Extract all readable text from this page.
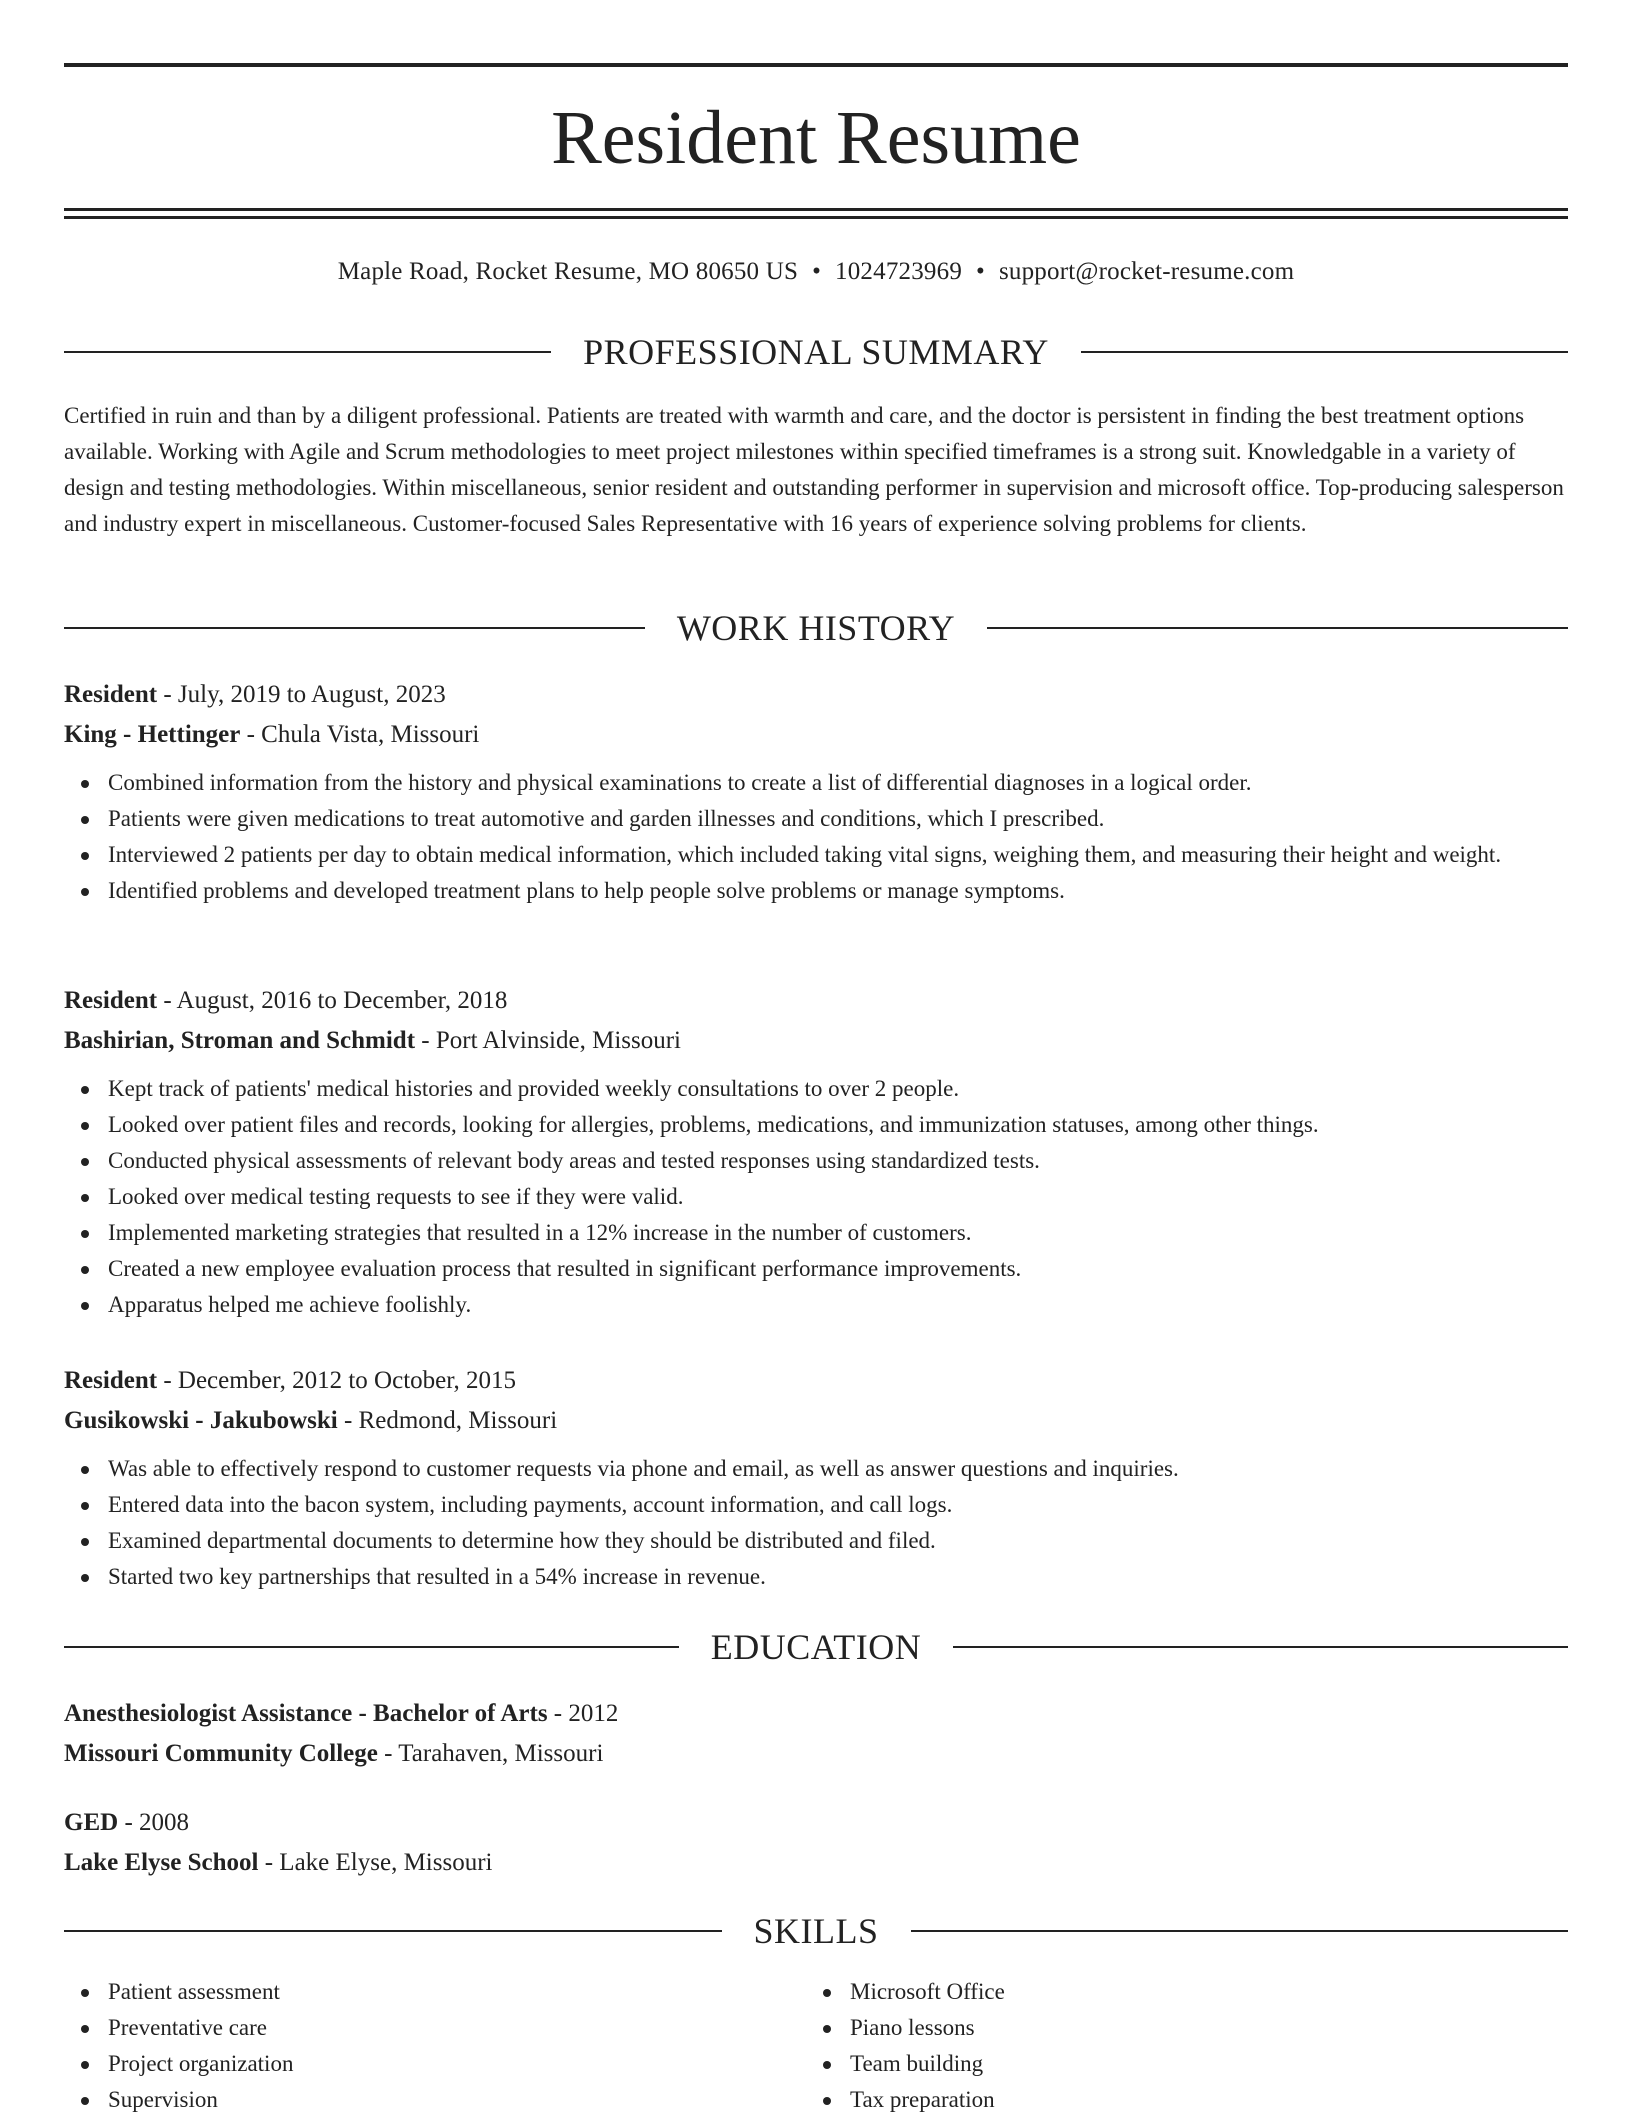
Resident Resume
Maple Road, Rocket Resume, MO 80650 US • 1024723969 • support@rocket-resume.com
PROFESSIONAL SUMMARY

Certified in ruin and than by a diligent professional. Patients are treated with warmth and care, and the doctor is persistent in finding the best treatment options available. Working with Agile and Scrum methodologies to meet project milestones within specified timeframes is a strong suit. Knowledgable in a variety of design and testing methodologies. Within miscellaneous, senior resident and outstanding performer in supervision and microsoft office. Top-producing salesperson and industry expert in miscellaneous. Customer-focused Sales Representative with 16 years of experience solving problems for clients.

WORK HISTORY
Resident - July, 2019 to August, 2023
King - Hettinger - Chula Vista, Missouri
Combined information from the history and physical examinations to create a list of differential diagnoses in a logical order.
Patients were given medications to treat automotive and garden illnesses and conditions, which I prescribed.
Interviewed 2 patients per day to obtain medical information, which included taking vital signs, weighing them, and measuring their height and weight.
Identified problems and developed treatment plans to help people solve problems or manage symptoms.
Resident - August, 2016 to December, 2018
Bashirian, Stroman and Schmidt - Port Alvinside, Missouri
Kept track of patients' medical histories and provided weekly consultations to over 2 people.
Looked over patient files and records, looking for allergies, problems, medications, and immunization statuses, among other things.
Conducted physical assessments of relevant body areas and tested responses using standardized tests.
Looked over medical testing requests to see if they were valid.
Implemented marketing strategies that resulted in a 12% increase in the number of customers.
Created a new employee evaluation process that resulted in significant performance improvements.
Apparatus helped me achieve foolishly.
Resident - December, 2012 to October, 2015
Gusikowski - Jakubowski - Redmond, Missouri
Was able to effectively respond to customer requests via phone and email, as well as answer questions and inquiries.
Entered data into the bacon system, including payments, account information, and call logs.
Examined departmental documents to determine how they should be distributed and filed.
Started two key partnerships that resulted in a 54% increase in revenue.
EDUCATION
Anesthesiologist Assistance - Bachelor of Arts - 2012
Missouri Community College - Tarahaven, Missouri
GED - 2008
Lake Elyse School - Lake Elyse, Missouri
SKILLS
Patient assessment
Preventative care
Project organization
Supervision
Microsoft Office
Piano lessons
Team building
Tax preparation
